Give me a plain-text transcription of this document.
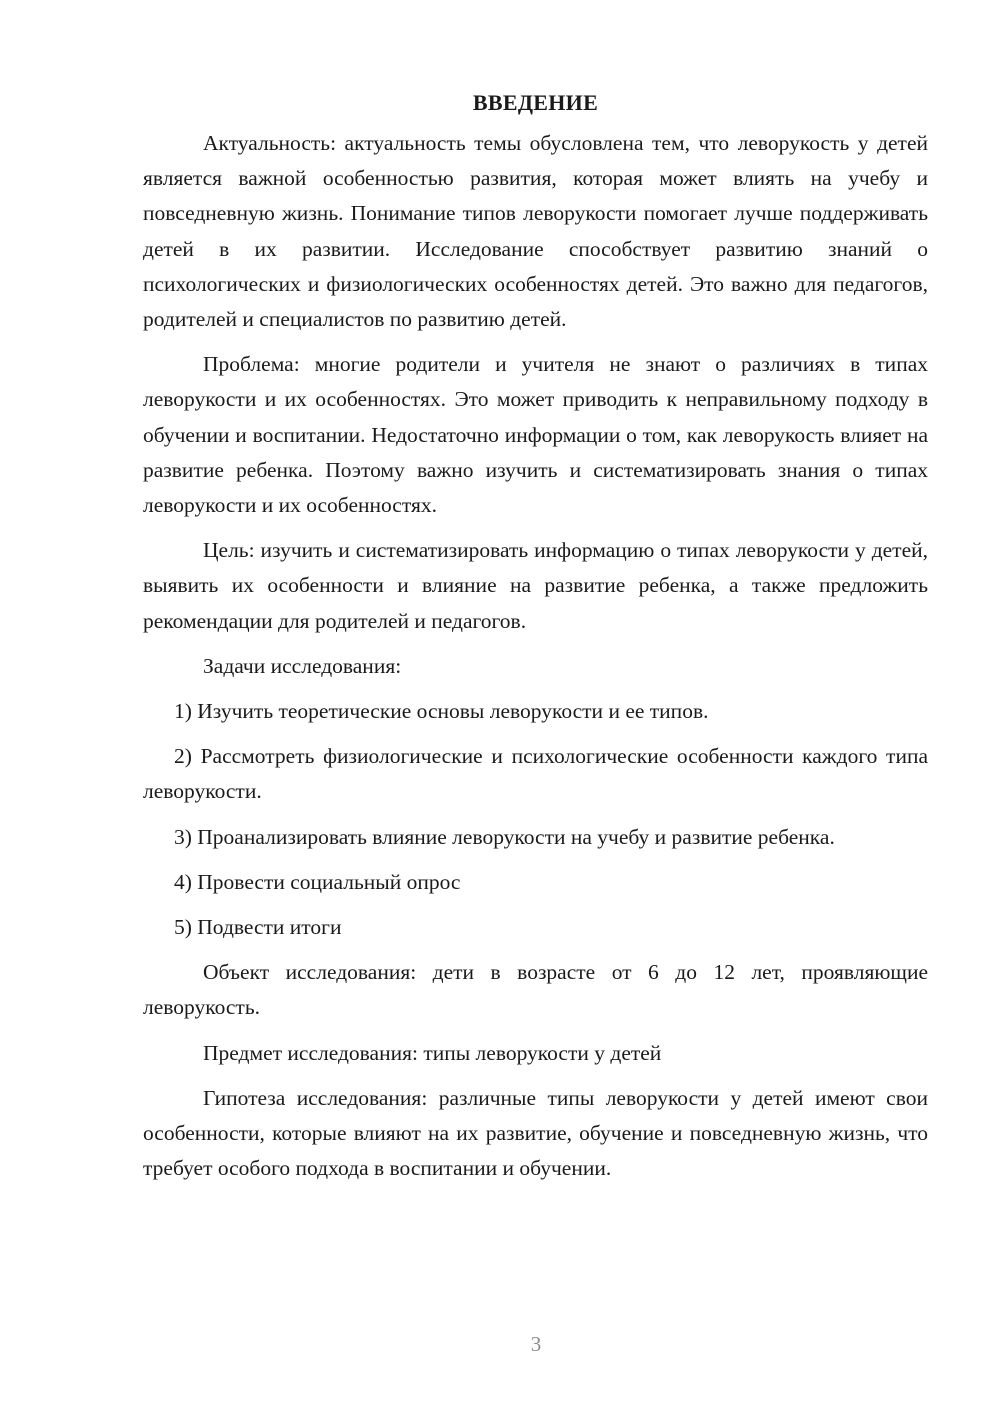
ВВЕДЕНИЕ

Актуальность: актуальность темы обусловлена тем, что леворукость у детей является важной особенностью развития, которая может влиять на учебу и повседневную жизнь. Понимание типов леворукости помогает лучше поддерживать детей в их развитии. Исследование способствует развитию знаний о психологических и физиологических особенностях детей. Это важно для педагогов, родителей и специалистов по развитию детей.

Проблема: многие родители и учителя не знают о различиях в типах леворукости и их особенностях. Это может приводить к неправильному подходу в обучении и воспитании. Недостаточно информации о том, как леворукость влияет на развитие ребенка. Поэтому важно изучить и систематизировать знания о типах леворукости и их особенностях.

Цель: изучить и систематизировать информацию о типах леворукости у детей, выявить их особенности и влияние на развитие ребенка, а также предложить рекомендации для родителей и педагогов.

Задачи исследования:

1) Изучить теоретические основы леворукости и ее типов.

2) Рассмотреть физиологические и психологические особенности каждого типа леворукости.

3) Проанализировать влияние леворукости на учебу и развитие ребенка.

4) Провести социальный опрос

5) Подвести итоги

Объект исследования: дети в возрасте от 6 до 12 лет, проявляющие леворукость.

Предмет исследования: типы леворукости у детей

Гипотеза исследования: различные типы леворукости у детей имеют свои особенности, которые влияют на их развитие, обучение и повседневную жизнь, что требует особого подхода в воспитании и обучении.

3
